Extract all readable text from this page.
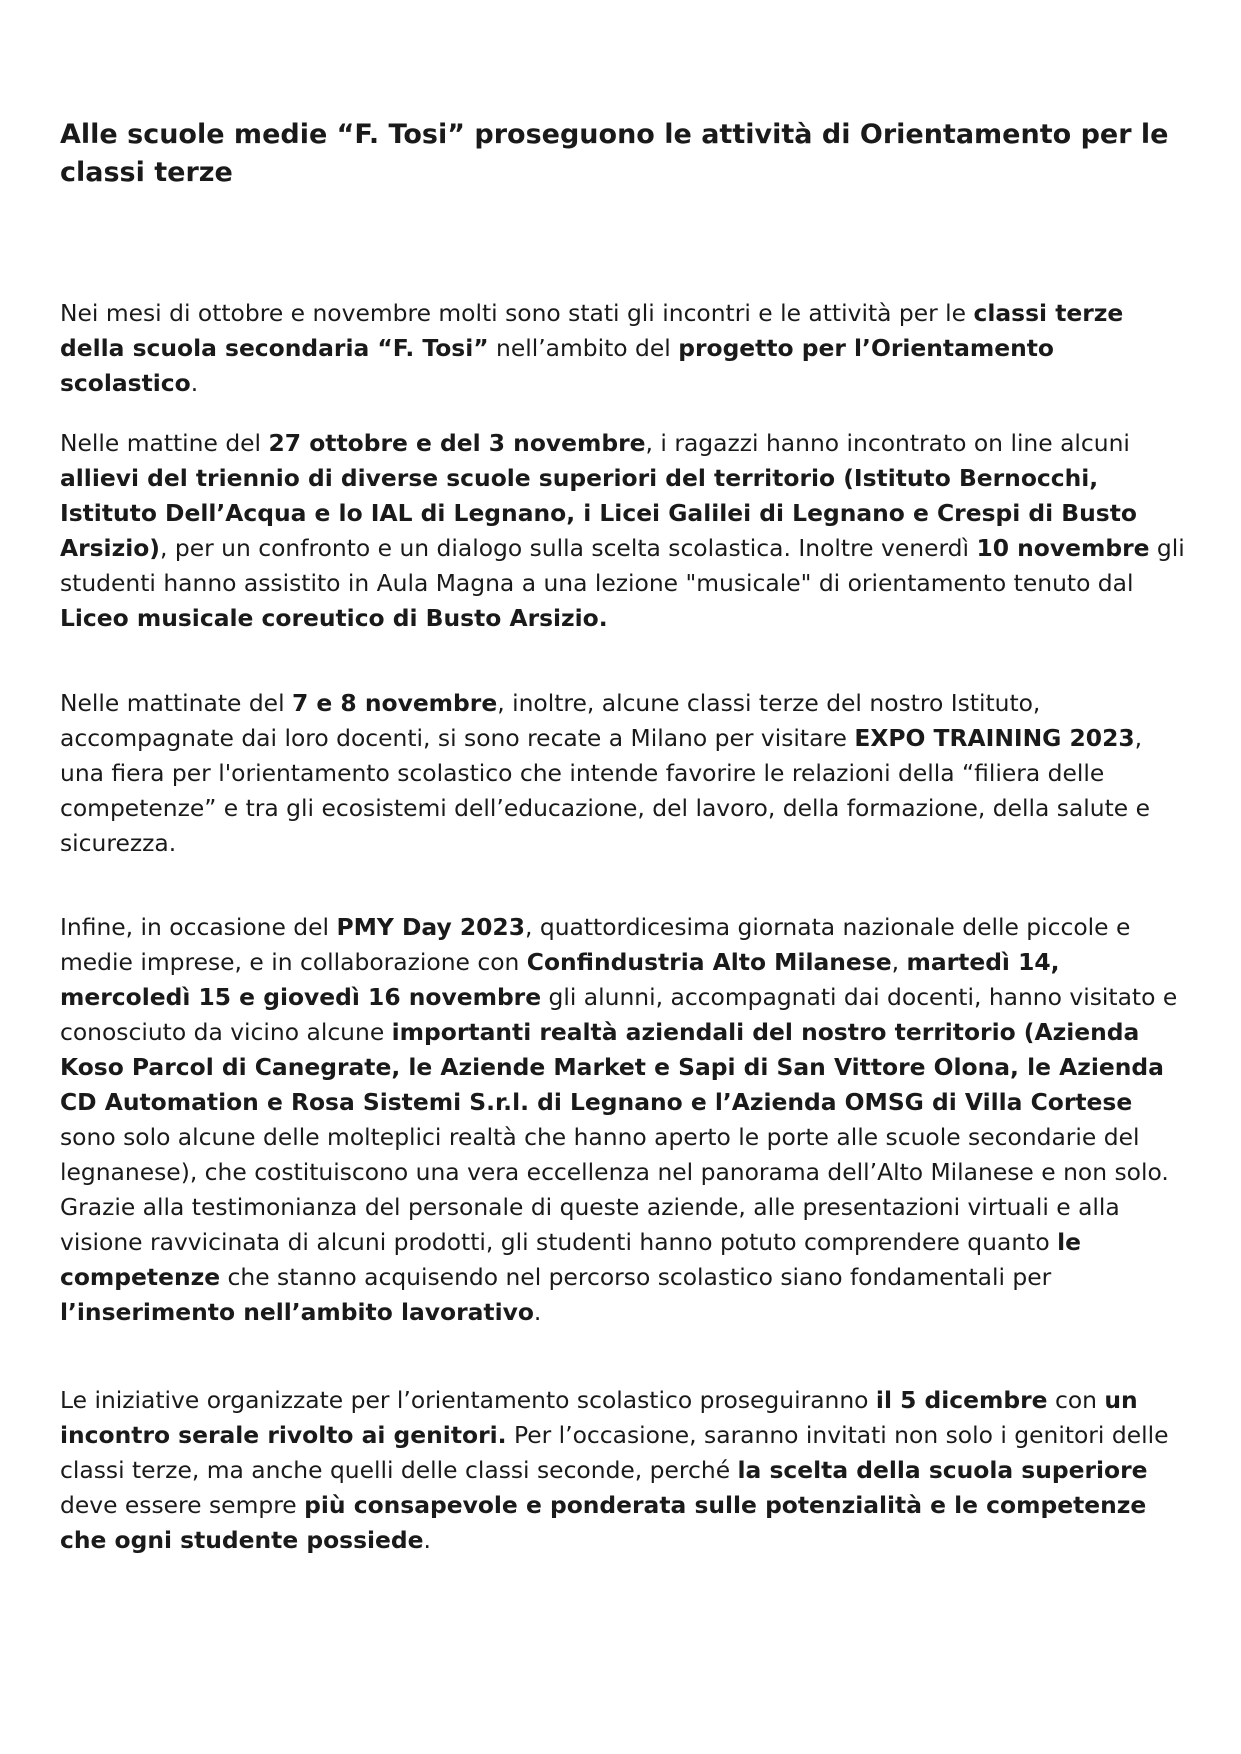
Alle scuole medie “F. Tosi” proseguono le attività di Orientamento per le classi terze

Nei mesi di ottobre e novembre molti sono stati gli incontri e le attività per le classi terze della scuola secondaria “F. Tosi” nell’ambito del progetto per l’Orientamento scolastico.

Nelle mattine del 27 ottobre e del 3 novembre, i ragazzi hanno incontrato on line alcuni allievi del triennio di diverse scuole superiori del territorio (Istituto Bernocchi, Istituto Dell’Acqua e lo IAL di Legnano, i Licei Galilei di Legnano e Crespi di Busto Arsizio), per un confronto e un dialogo sulla scelta scolastica. Inoltre venerdì 10 novembre gli studenti hanno assistito in Aula Magna a una lezione "musicale" di orientamento tenuto dal Liceo musicale coreutico di Busto Arsizio.

Nelle mattinate del 7 e 8 novembre, inoltre, alcune classi terze del nostro Istituto, accompagnate dai loro docenti, si sono recate a Milano per visitare EXPO TRAINING 2023, una fiera per l'orientamento scolastico che intende favorire le relazioni della “filiera delle competenze” e tra gli ecosistemi dell’educazione, del lavoro, della formazione, della salute e sicurezza.

Infine, in occasione del PMY Day 2023, quattordicesima giornata nazionale delle piccole e medie imprese, e in collaborazione con Confindustria Alto Milanese, martedì 14, mercoledì 15 e giovedì 16 novembre gli alunni, accompagnati dai docenti, hanno visitato e conosciuto da vicino alcune importanti realtà aziendali del nostro territorio (Azienda Koso Parcol di Canegrate, le Aziende Market e Sapi di San Vittore Olona, le Azienda CD Automation e Rosa Sistemi S.r.l. di Legnano e l’Azienda OMSG di Villa Cortese sono solo alcune delle molteplici realtà che hanno aperto le porte alle scuole secondarie del legnanese), che costituiscono una vera eccellenza nel panorama dell’Alto Milanese e non solo. Grazie alla testimonianza del personale di queste aziende, alle presentazioni virtuali e alla visione ravvicinata di alcuni prodotti, gli studenti hanno potuto comprendere quanto le competenze che stanno acquisendo nel percorso scolastico siano fondamentali per l’inserimento nell’ambito lavorativo.

Le iniziative organizzate per l’orientamento scolastico proseguiranno il 5 dicembre con un incontro serale rivolto ai genitori. Per l’occasione, saranno invitati non solo i genitori delle classi terze, ma anche quelli delle classi seconde, perché la scelta della scuola superiore deve essere sempre più consapevole e ponderata sulle potenzialità e le competenze che ogni studente possiede.
